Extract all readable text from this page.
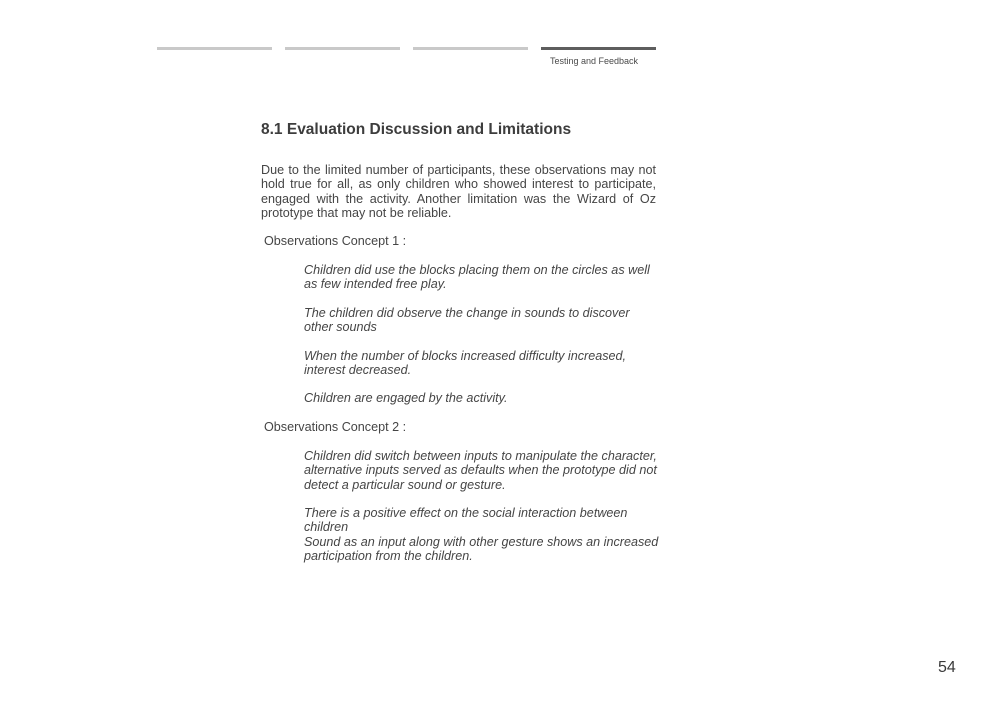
Testing and Feedback
8.1 Evaluation Discussion and Limitations

Due to the limited number of participants, these observations may not hold true for all, as only children who showed interest to participate, engaged with the activity. Another limitation was the Wizard of Oz prototype that may not be reliable.

Observations Concept 1 :

Children did use the blocks placing them on the circles as well as few intended free play.

The children did observe the change in sounds to discover other sounds

When the number of blocks increased difficulty increased, interest decreased.

Children are engaged by the activity.

Observations Concept 2 :

Children did switch between inputs to manipulate the character, alternative inputs served as defaults when the prototype did not detect a particular sound or gesture.

There is a positive effect on the social interaction between children

Sound as an input along with other gesture shows an increased participation from the children.

54
